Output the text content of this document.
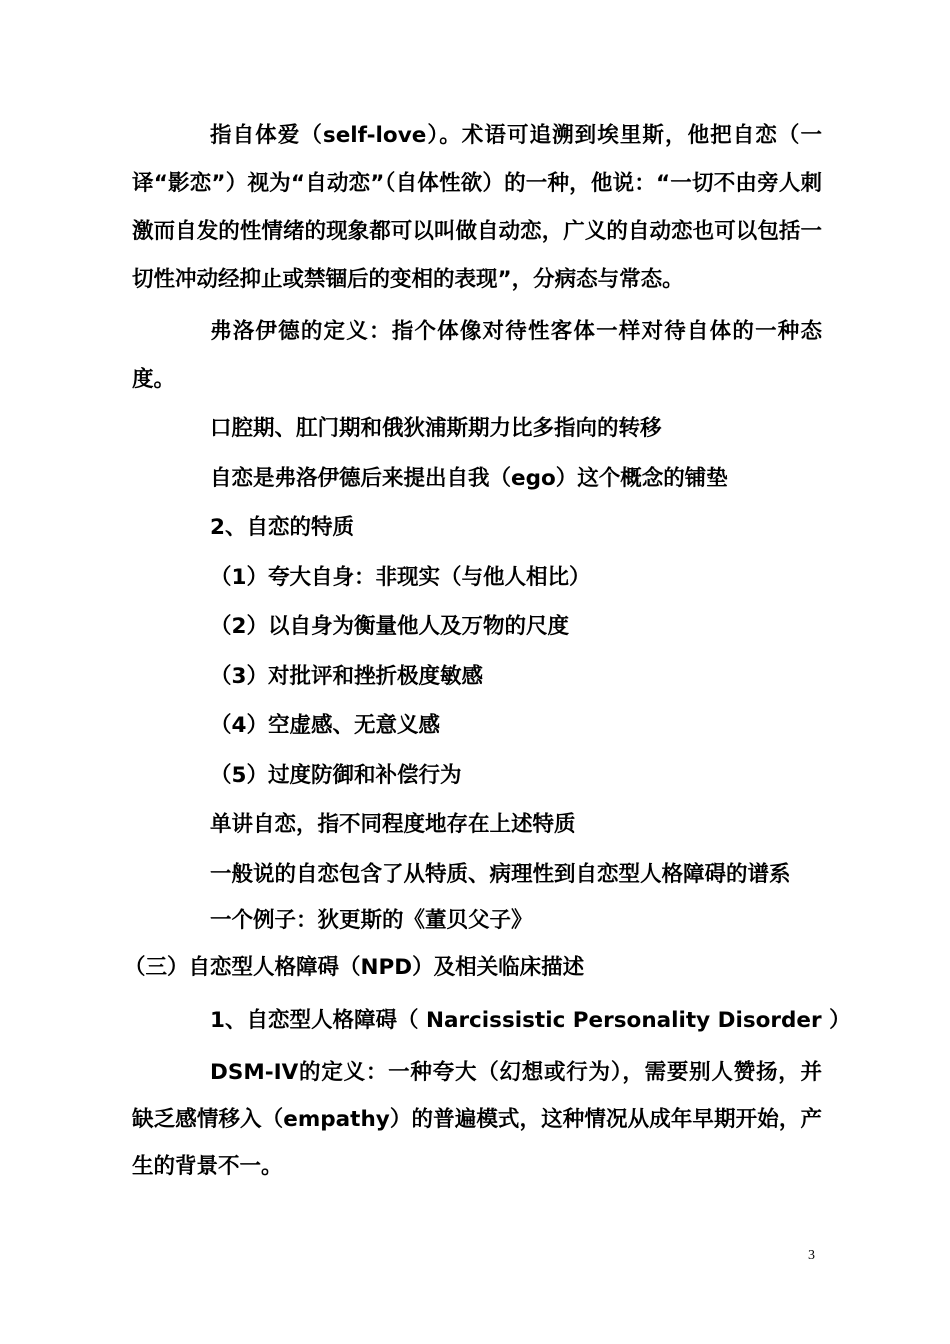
指自体爱（self-love）。术语可追溯到埃里斯，他把自恋（一译“影恋”）视为“自动恋”（自体性欲）的一种，他说：“一切不由旁人刺激而自发的性情绪的现象都可以叫做自动恋，广义的自动恋也可以包括一切性冲动经抑止或禁锢后的变相的表现”，分病态与常态。

弗洛伊德的定义：指个体像对待性客体一样对待自体的一种态度。

口腔期、肛门期和俄狄浦斯期力比多指向的转移

自恋是弗洛伊德后来提出自我（ego）这个概念的铺垫

2、自恋的特质

（1）夸大自身：非现实（与他人相比）

（2）以自身为衡量他人及万物的尺度

（3）对批评和挫折极度敏感

（4）空虚感、无意义感

（5）过度防御和补偿行为

单讲自恋，指不同程度地存在上述特质

一般说的自恋包含了从特质、病理性到自恋型人格障碍的谱系

一个例子：狄更斯的《董贝父子》

（三）自恋型人格障碍（NPD）及相关临床描述

1、自恋型人格障碍（ Narcissistic Personality Disorder ）

DSM-IV的定义：一种夸大（幻想或行为），需要别人赞扬，并缺乏感情移入（empathy）的普遍模式，这种情况从成年早期开始，产生的背景不一。

3
